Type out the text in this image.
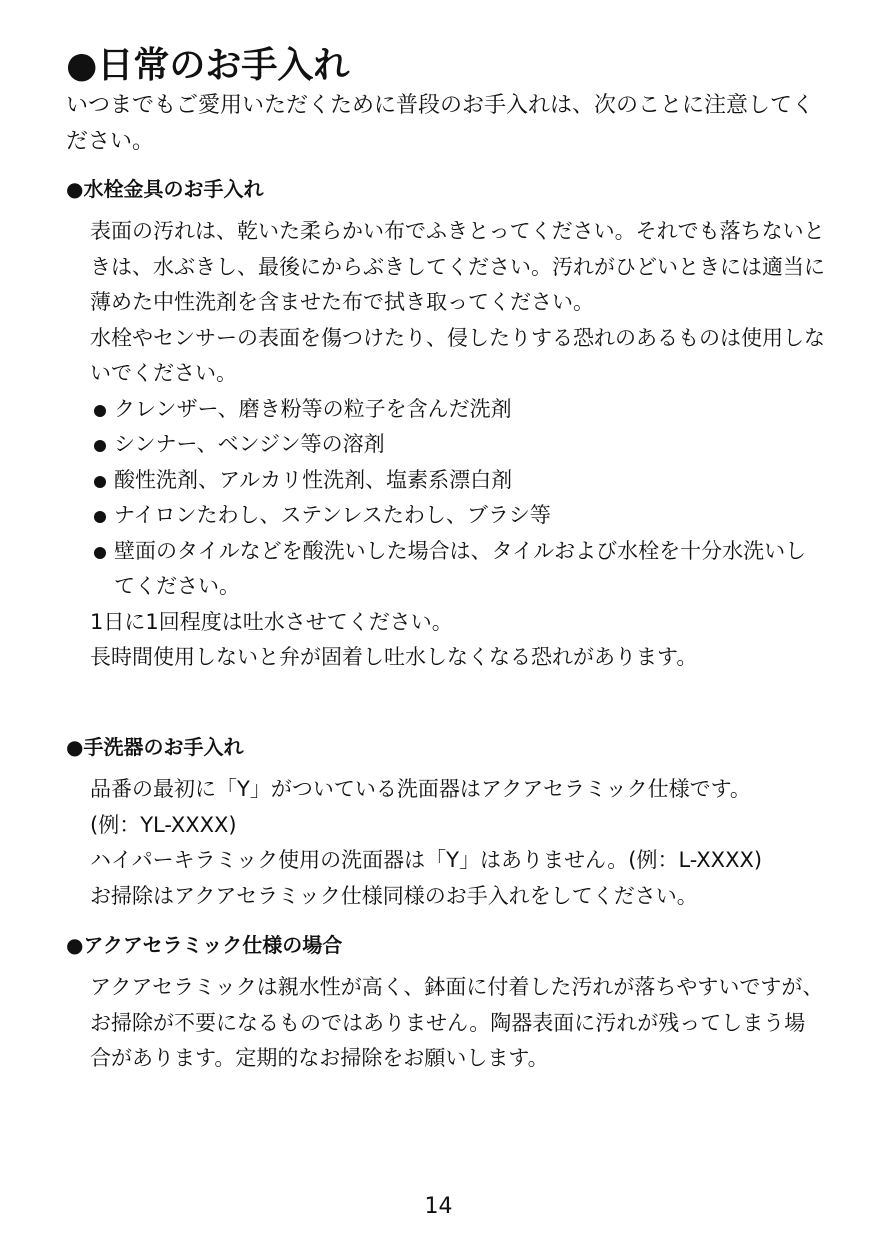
●日常のお手入れ

いつまでもご愛用いただくために普段のお手入れは、次のことに注意してください。

●水栓金具のお手入れ

表面の汚れは、乾いた柔らかい布でふきとってください。それでも落ちないときは、水ぶきし、最後にからぶきしてください。汚れがひどいときには適当に薄めた中性洗剤を含ませた布で拭き取ってください。

水栓やセンサーの表面を傷つけたり、侵したりする恐れのあるものは使用しないでください。

クレンザー、磨き粉等の粒子を含んだ洗剤
シンナー、ベンジン等の溶剤
酸性洗剤、アルカリ性洗剤、塩素系漂白剤
ナイロンたわし、ステンレスたわし、ブラシ等
壁面のタイルなどを酸洗いした場合は、タイルおよび水栓を十分水洗いしてください。

1日に1回程度は吐水させてください。

長時間使用しないと弁が固着し吐水しなくなる恐れがあります。

●手洗器のお手入れ

品番の最初に「Y」がついている洗面器はアクアセラミック仕様です。

(例：YL-XXXX)

ハイパーキラミック使用の洗面器は「Y」はありません。(例：L-XXXX)

お掃除はアクアセラミック仕様同様のお手入れをしてください。

●アクアセラミック仕様の場合

アクアセラミックは親水性が高く、鉢面に付着した汚れが落ちやすいですが、お掃除が不要になるものではありません。陶器表面に汚れが残ってしまう場合があります。定期的なお掃除をお願いします。

14
